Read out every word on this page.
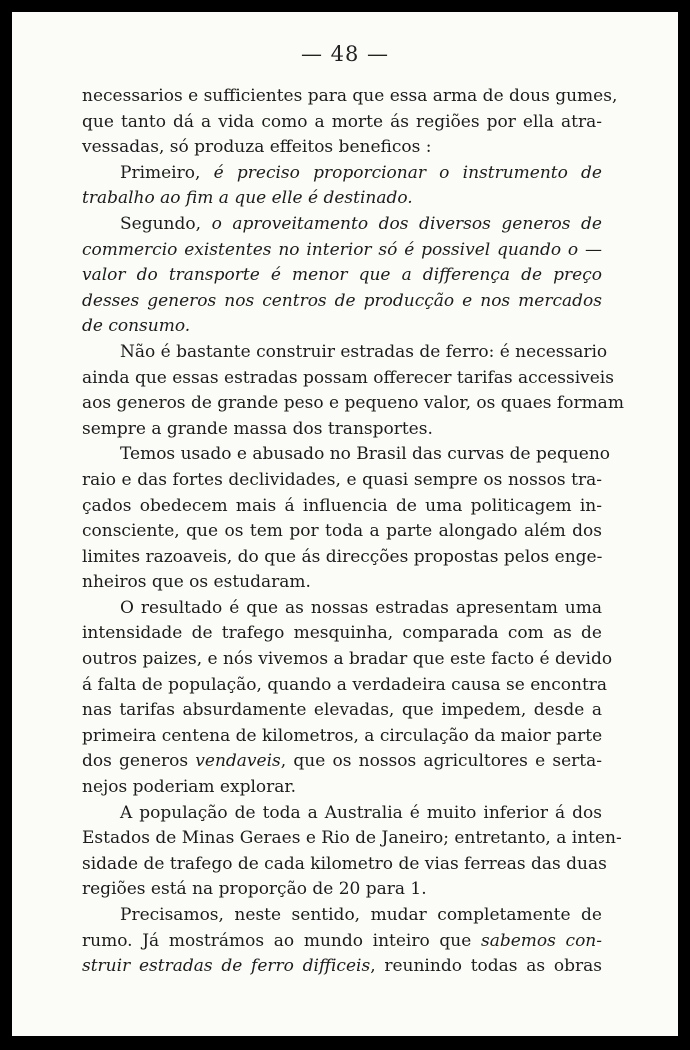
— 48 —
necessarios e sufficientes para que essa arma de dous gumes,
que tanto dá a vida como a morte ás regiões por ella atra-
vessadas, só produza effeitos beneficos :
Primeiro, é preciso proporcionar o instrumento de
trabalho ao fim a que elle é destinado.
Segundo, o aproveitamento dos diversos generos de
commercio existentes no interior só é possivel quando o —
valor do transporte é menor que a differença de preço
desses generos nos centros de producção e nos mercados
de consumo.
Não é bastante construir estradas de ferro: é necessario
ainda que essas estradas possam offerecer tarifas accessiveis
aos generos de grande peso e pequeno valor, os quaes formam
sempre a grande massa dos transportes.
Temos usado e abusado no Brasil das curvas de pequeno
raio e das fortes declividades, e quasi sempre os nossos tra-
çados obedecem mais á influencia de uma politicagem in-
consciente, que os tem por toda a parte alongado além dos
limites razoaveis, do que ás direcções propostas pelos enge-
nheiros que os estudaram.
O resultado é que as nossas estradas apresentam uma
intensidade de trafego mesquinha, comparada com as de
outros paizes, e nós vivemos a bradar que este facto é devido
á falta de população, quando a verdadeira causa se encontra
nas tarifas absurdamente elevadas, que impedem, desde a
primeira centena de kilometros, a circulação da maior parte
dos generos vendaveis, que os nossos agricultores e serta-
nejos poderiam explorar.
A população de toda a Australia é muito inferior á dos
Estados de Minas Geraes e Rio de Janeiro; entretanto, a inten-
sidade de trafego de cada kilometro de vias ferreas das duas
regiões está na proporção de 20 para 1.
Precisamos, neste sentido, mudar completamente de
rumo. Já mostrámos ao mundo inteiro que sabemos con-
struir estradas de ferro difficeis, reunindo todas as obras
